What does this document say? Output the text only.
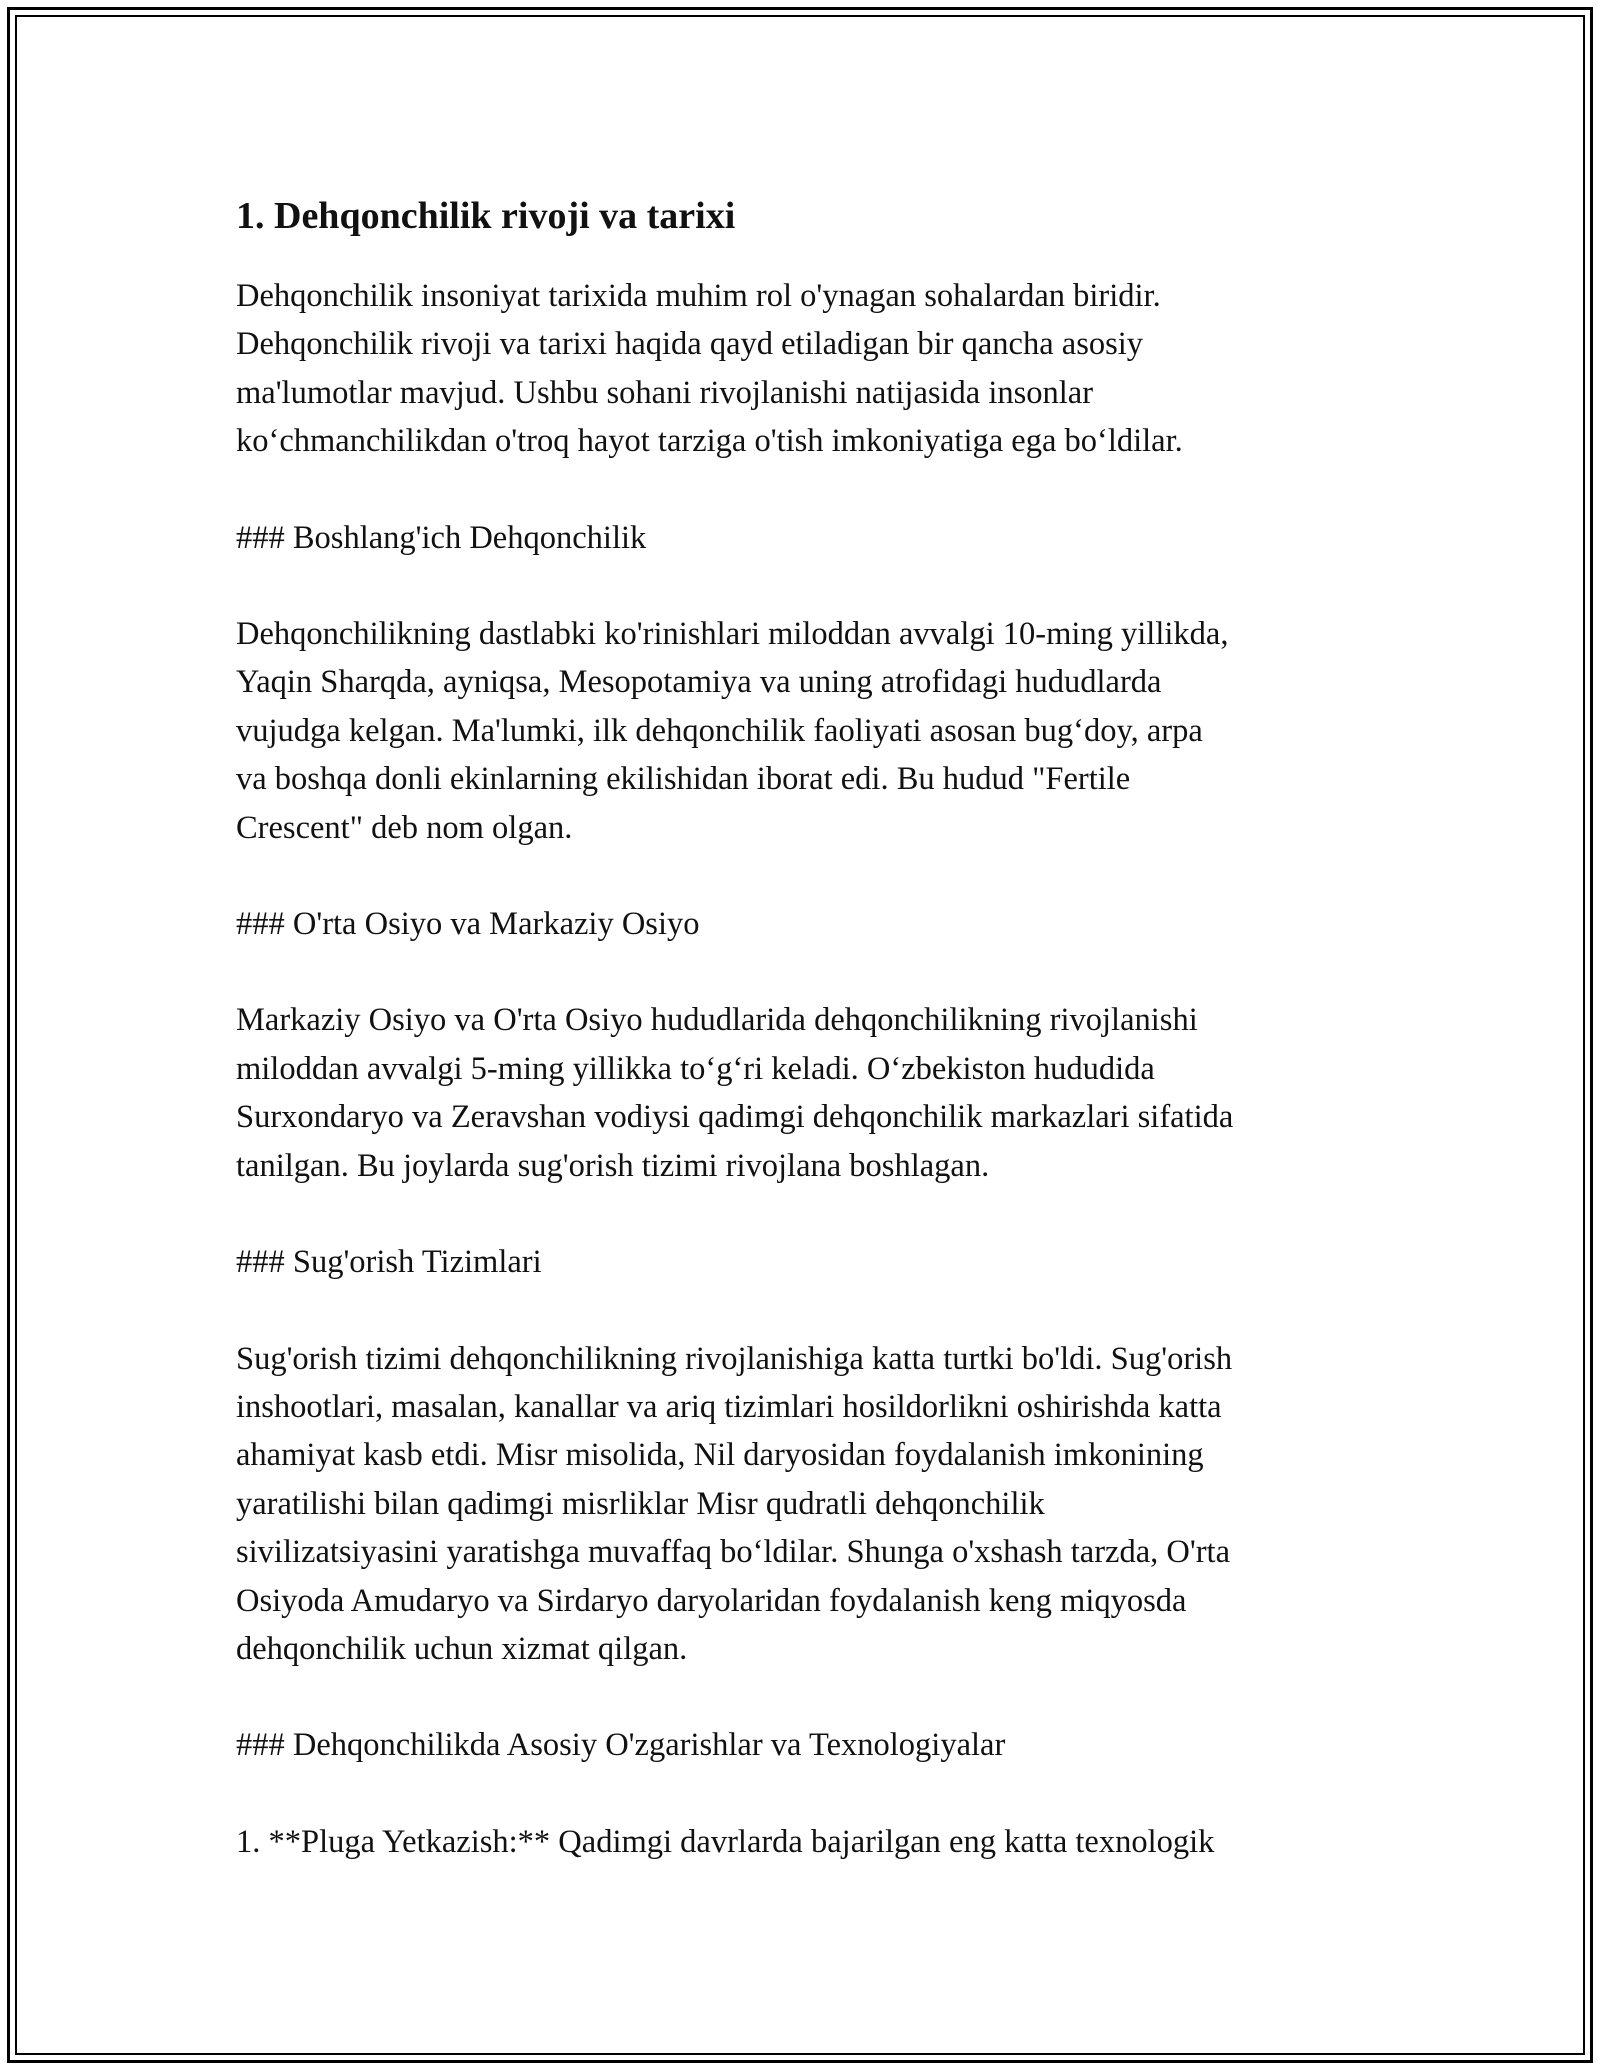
1. Dehqonchilik rivoji va tarixi

Dehqonchilik insoniyat tarixida muhim rol o'ynagan sohalardan biridir.
Dehqonchilik rivoji va tarixi haqida qayd etiladigan bir qancha asosiy
ma'lumotlar mavjud. Ushbu sohani rivojlanishi natijasida insonlar
ko‘chmanchilikdan o'troq hayot tarziga o'tish imkoniyatiga ega bo‘ldilar.

### Boshlang'ich Dehqonchilik

Dehqonchilikning dastlabki ko'rinishlari miloddan avvalgi 10-ming yillikda,
Yaqin Sharqda, ayniqsa, Mesopotamiya va uning atrofidagi hududlarda
vujudga kelgan. Ma'lumki, ilk dehqonchilik faoliyati asosan bug‘doy, arpa
va boshqa donli ekinlarning ekilishidan iborat edi. Bu hudud "Fertile
Crescent" deb nom olgan.

### O'rta Osiyo va Markaziy Osiyo

Markaziy Osiyo va O'rta Osiyo hududlarida dehqonchilikning rivojlanishi
miloddan avvalgi 5-ming yillikka to‘g‘ri keladi. O‘zbekiston hududida
Surxondaryo va Zeravshan vodiysi qadimgi dehqonchilik markazlari sifatida
tanilgan. Bu joylarda sug'orish tizimi rivojlana boshlagan.

### Sug'orish Tizimlari

Sug'orish tizimi dehqonchilikning rivojlanishiga katta turtki bo'ldi. Sug'orish
inshootlari, masalan, kanallar va ariq tizimlari hosildorlikni oshirishda katta
ahamiyat kasb etdi. Misr misolida, Nil daryosidan foydalanish imkonining
yaratilishi bilan qadimgi misrliklar Misr qudratli dehqonchilik
sivilizatsiyasini yaratishga muvaffaq bo‘ldilar. Shunga o'xshash tarzda, O'rta
Osiyoda Amudaryo va Sirdaryo daryolaridan foydalanish keng miqyosda
dehqonchilik uchun xizmat qilgan.

### Dehqonchilikda Asosiy O'zgarishlar va Texnologiyalar

1. **Pluga Yetkazish:** Qadimgi davrlarda bajarilgan eng katta texnologik
